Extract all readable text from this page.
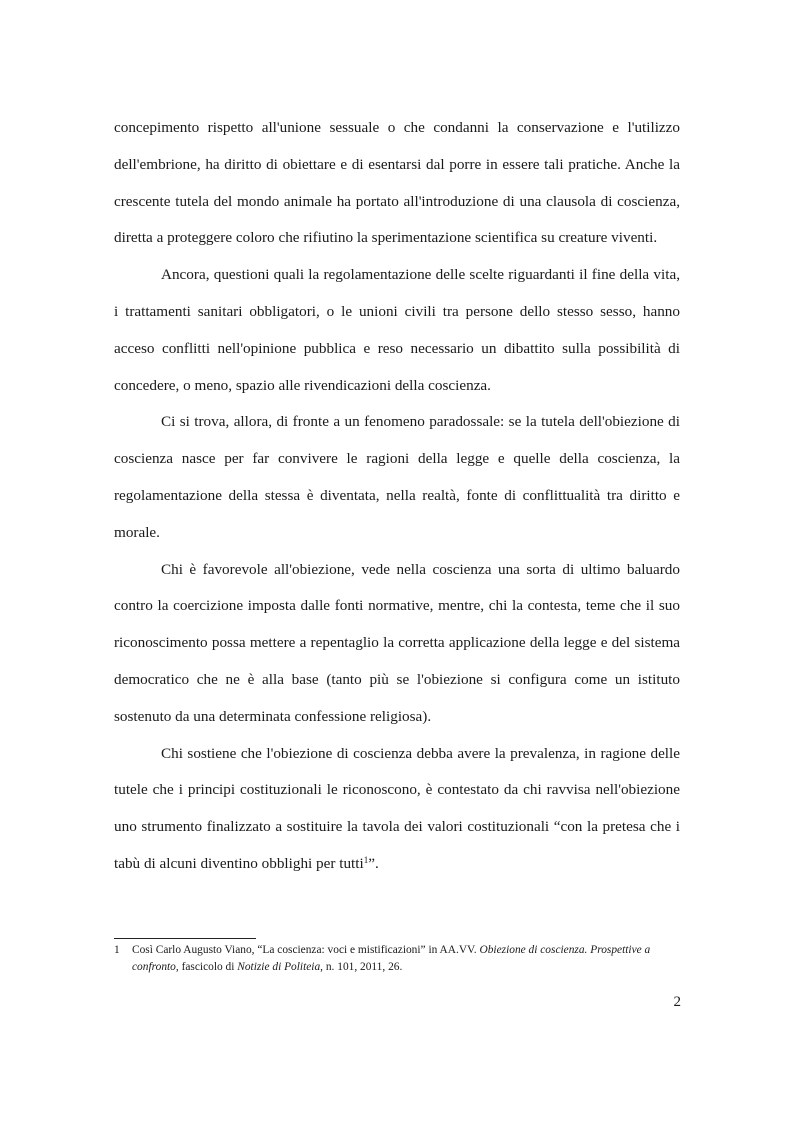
concepimento rispetto all'unione sessuale o che condanni la conservazione e l'utilizzo dell'embrione, ha diritto di obiettare e di esentarsi dal porre in essere tali pratiche. Anche la crescente tutela del mondo animale ha portato all'introduzione di una clausola di coscienza, diretta a proteggere coloro che rifiutino la sperimentazione scientifica su creature viventi.

Ancora, questioni quali la regolamentazione delle scelte riguardanti il fine della vita, i trattamenti sanitari obbligatori, o le unioni civili tra persone dello stesso sesso, hanno acceso conflitti nell'opinione pubblica e reso necessario un dibattito sulla possibilità di concedere, o meno, spazio alle rivendicazioni della coscienza.

Ci si trova, allora, di fronte a un fenomeno paradossale: se la tutela dell'obiezione di coscienza nasce per far convivere le ragioni della legge e quelle della coscienza, la regolamentazione della stessa è diventata, nella realtà, fonte di conflittualità tra diritto e morale.

Chi è favorevole all'obiezione, vede nella coscienza una sorta di ultimo baluardo contro la coercizione imposta dalle fonti normative, mentre, chi la contesta, teme che il suo riconoscimento possa mettere a repentaglio la corretta applicazione della legge e del sistema democratico che ne è alla base (tanto più se l'obiezione si configura come un istituto sostenuto da una determinata confessione religiosa).

Chi sostiene che l'obiezione di coscienza debba avere la prevalenza, in ragione delle tutele che i principi costituzionali le riconoscono, è contestato da chi ravvisa nell'obiezione uno strumento finalizzato a sostituire la tavola dei valori costituzionali “con la pretesa che i tabù di alcuni diventino obblighi per tutti$^1$”.

1	Così Carlo Augusto Viano, “La coscienza: voci e mistificazioni” in AA.VV. Obiezione di coscienza. Prospettive a confronto, fascicolo di Notizie di Politeia, n. 101, 2011, 26.
2
